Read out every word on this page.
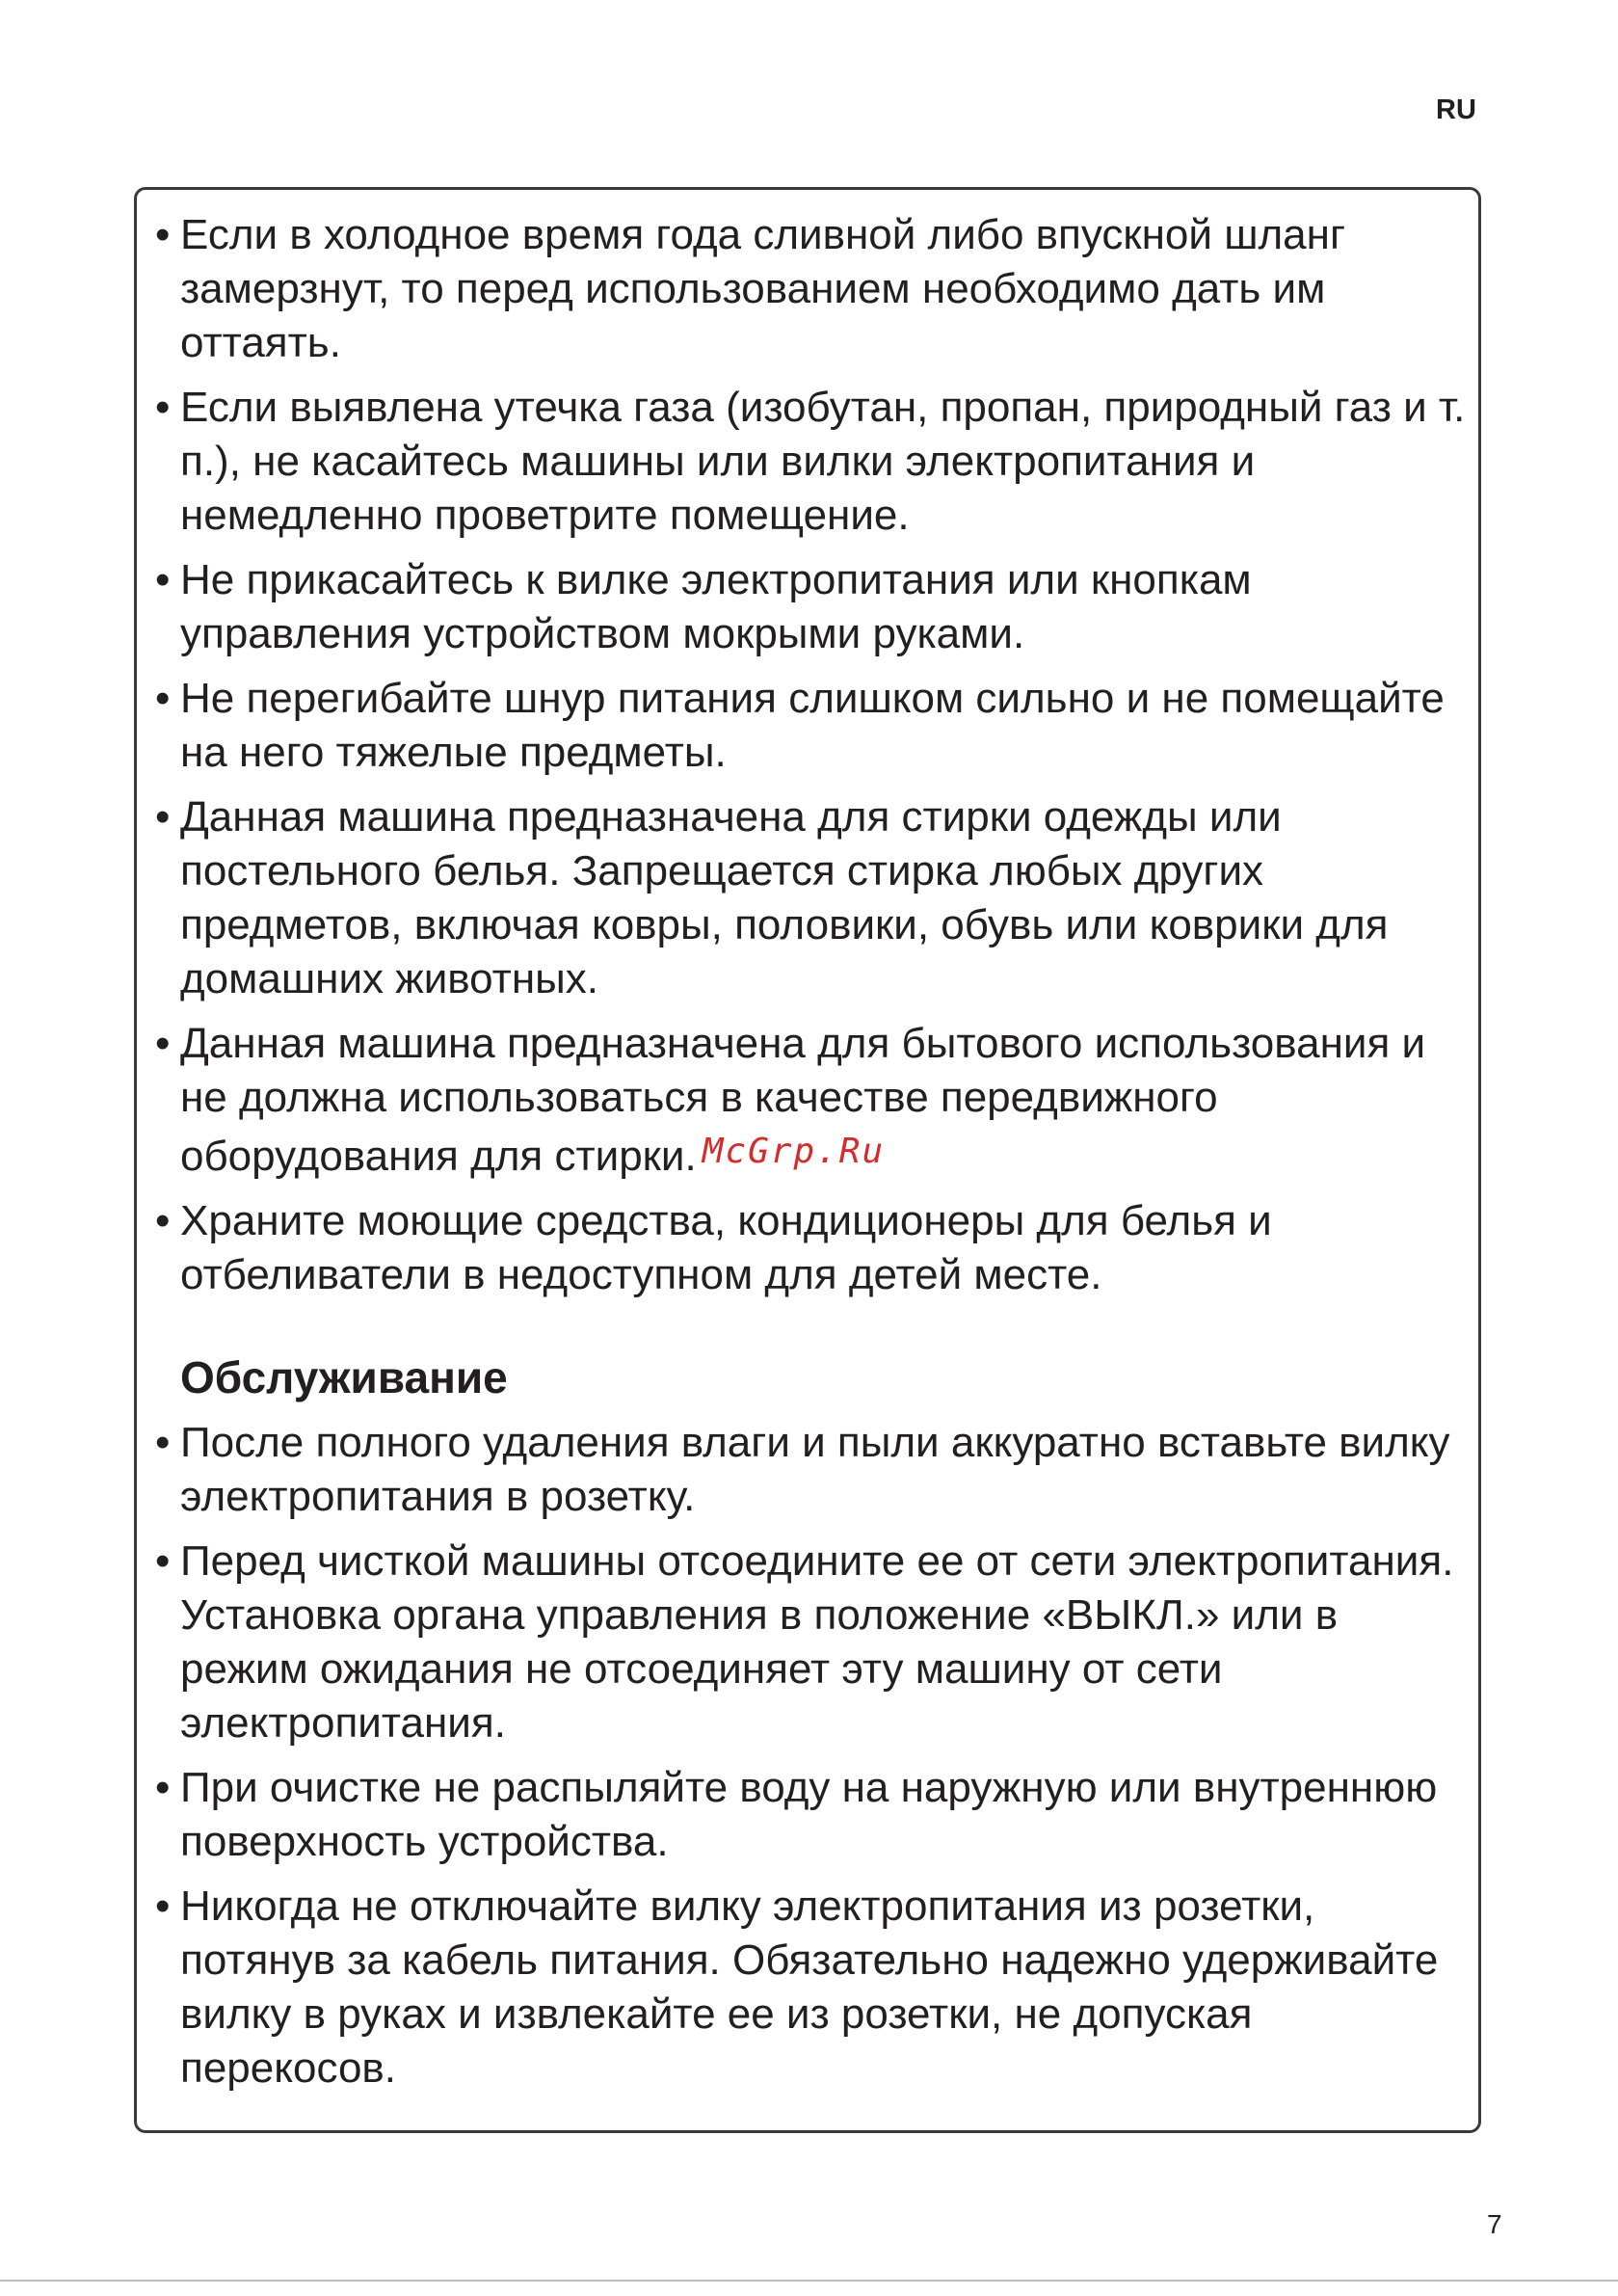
RU
• Если в холодное время года сливной либо впускной шланг замерзнут, то перед использованием необходимо дать им оттаять.
• Если выявлена утечка газа (изобутан, пропан, природный газ и т. п.), не касайтесь машины или вилки электропитания и немедленно проветрите помещение.
• Не прикасайтесь к вилке электропитания или кнопкам управления устройством мокрыми руками.
• Не перегибайте шнур питания слишком сильно и не помещайте на него тяжелые предметы.
• Данная машина предназначена для стирки одежды или постельного белья. Запрещается стирка любых других предметов, включая ковры, половики, обувь или коврики для домашних животных.
• Данная машина предназначена для бытового использования и не должна использоваться в качестве передвижного оборудования для стирки. McGrp.Ru
• Храните моющие средства, кондиционеры для белья и отбеливатели в недоступном для детей месте.
Обслуживание
• После полного удаления влаги и пыли аккуратно вставьте вилку электропитания в розетку.
• Перед чисткой машины отсоедините ее от сети электропитания. Установка органа управления в положение «ВЫКЛ.» или в режим ожидания не отсоединяет эту машину от сети электропитания.
• При очистке не распыляйте воду на наружную или внутреннюю поверхность устройства.
• Никогда не отключайте вилку электропитания из розетки, потянув за кабель питания. Обязательно надежно удерживайте вилку в руках и извлекайте ее из розетки, не допуская перекосов.
7
